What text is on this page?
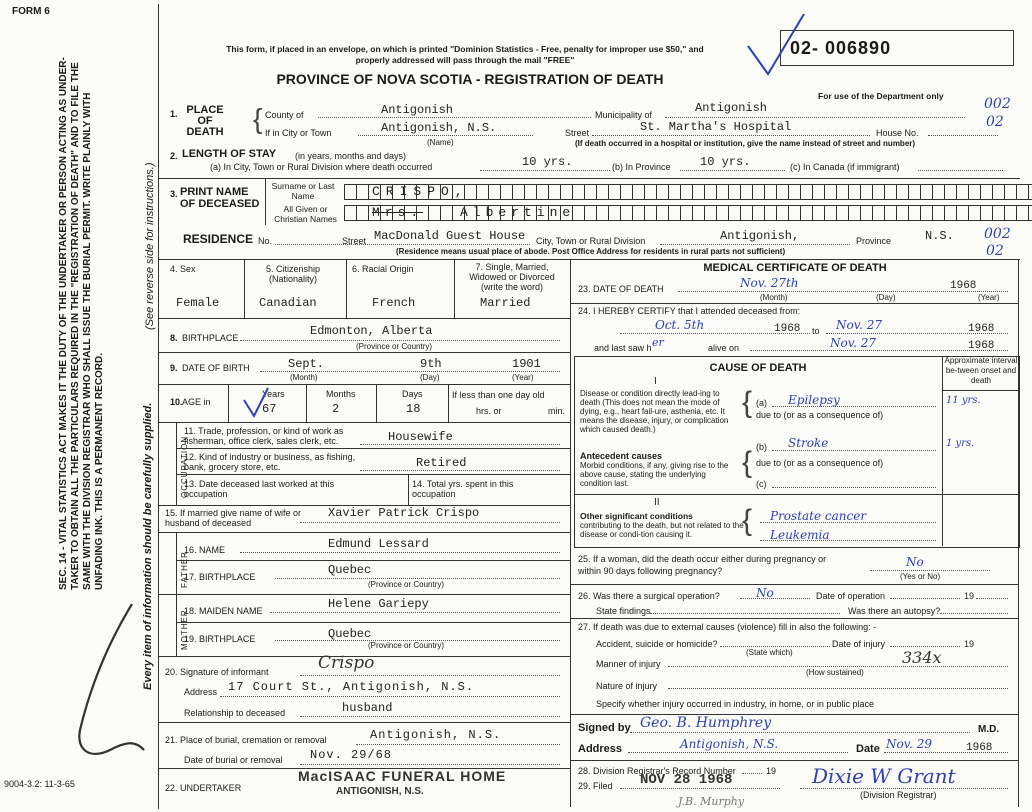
FORM 6
SEC. 14 - VITAL STATISTICS ACT MAKES IT THE DUTY OF THE UNDERTAKER OR PERSON ACTING AS UNDER-TAKER TO OBTAIN ALL THE PARTICULARS REQUIRED IN THE "REGISTRATION OF DEATH" AND TO FILE THE SAME WITH THE DIVISION REGISTRAR WHO SHALL ISSUE THE BURIAL PERMIT. WRITE PLAINLY WITH UNFADING INK. THIS IS A PERMANENT RECORD.	Every item of information should be carefully supplied.
(See reverse side for instructions.)
9004-3.2: 11-3-65
This form, if placed in an envelope, on which is printed "Dominion Statistics - Free, penalty for improper use $50," and properly addressed will pass through the mail "FREE"
PROVINCE OF NOVA SCOTIA - REGISTRATION OF DEATH
02- 006890
For use of the Department only	002
02
1. PLACE OF DEATH { County of	Antigonish	Municipality of	Antigonish
If in City or Town	Antigonish, N.S.
(Name)
Street	St. Martha's Hospital	House No.
(If death occurred in a hospital or institution, give the name instead of street and number)
2. LENGTH OF STAY (in years, months and days)
(a) In City, Town or Rural Division where death occurred	10 yrs.	(b) In Province 10 yrs.	(c) In Canada (if immigrant)
3. PRINT NAME OF DECEASED
Surname or Last Name
All Given or Christian Names
CRISPO,
Mrs.	Albertine
RESIDENCE No.	Street MacDonald Guest House City, Town or Rural Division	Antigonish,	Province	N.S. 002
02
(Residence means usual place of abode. Post Office Address for residents in rural parts not sufficient)
4. Sex
Female
5. Citizenship (Nationality)
Canadian
6. Racial Origin
French
7. Single, Married, Widowed or Divorced (write the word)
Married
8. BIRTHPLACE	Edmonton, Alberta
(Province or Country)
9. DATE OF BIRTH	Sept.	9th	1901
(Month)	(Day)	(Year)
10. AGE in
Years	Months	Days
67	2	18
If less than one day old
hrs. or	min.
OCCUPATION
11. Trade, profession, or kind of work as fisherman, office clerk, sales clerk, etc.	Housewife
12. Kind of industry or business, as fishing, bank, grocery store, etc.	Retired
13. Date deceased last worked at this occupation
14. Total yrs. spent in this occupation
15. If married give name of wife or husband of deceased
Xavier Patrick Crispo
FATHER
16. NAME	Edmund Lessard
17. BIRTHPLACE	Quebec
(Province or Country)
MOTHER
18. MAIDEN NAME	Helene Gariepy
19. BIRTHPLACE	Quebec
(Province or Country)
20. Signature of informant	Crispo
Address 17 Court St., Antigonish, N.S.
Relationship to deceased	husband
21. Place of burial, cremation or removal	Antigonish, N.S.
Date of burial or removal Nov. 29/68
22. UNDERTAKER
MacISAAC FUNERAL HOME
ANTIGONISH, N.S.
MEDICAL CERTIFICATE OF DEATH
23. DATE OF DEATH	Nov. 27th	1968
(Month)	(Day)	(Year)
24. I HEREBY CERTIFY that I attended deceased from:
Oct. 5th	1968 to Nov. 27	1968
and last saw h er	alive on	Nov. 27	1968
CAUSE OF DEATH
Approximate interval be-tween onset and death
I
Disease or condition directly lead-ing to death (This does not mean the mode of dying, e.g., heart fail-ure, asthenia, etc. It means the disease, injury, or complication which caused death.)
{ (a) Epilepsy	11 yrs.
due to (or as a consequence of)
(b) Stroke	1 yrs.
Antecedent causes
Morbid conditions, if any, giving rise to the above cause, stating the underlying condition last.
{ due to (or as a consequence of)
(c)
II
Other significant conditions
contributing to the death, but not related to the disease or condi-tion causing it.	{ Prostate cancer
Leukemia
25. If a woman, did the death occur either during pregnancy or within 90 days following pregnancy?
No
(Yes or No)
26. Was there a surgical operation?	No	Date of operation	19
State findings	Was there an autopsy?
27. If death was due to external causes (violence) fill in also the following: -
Accident, suicide or homicide?	Date of injury	19
(State which)	334x
Manner of injury
(How sustained)
Nature of injury
Specify whether injury occurred in industry, in home, or in public place
Signed by Geo. B. Humphrey	M.D.
Address	Antigonish, N.S.	Date Nov. 29	1968
28. Division Registrar's Record Number	19
29. Filed NOV 28 1968	Dixie W Grant
(Division Registrar)
J.B. Murphy
